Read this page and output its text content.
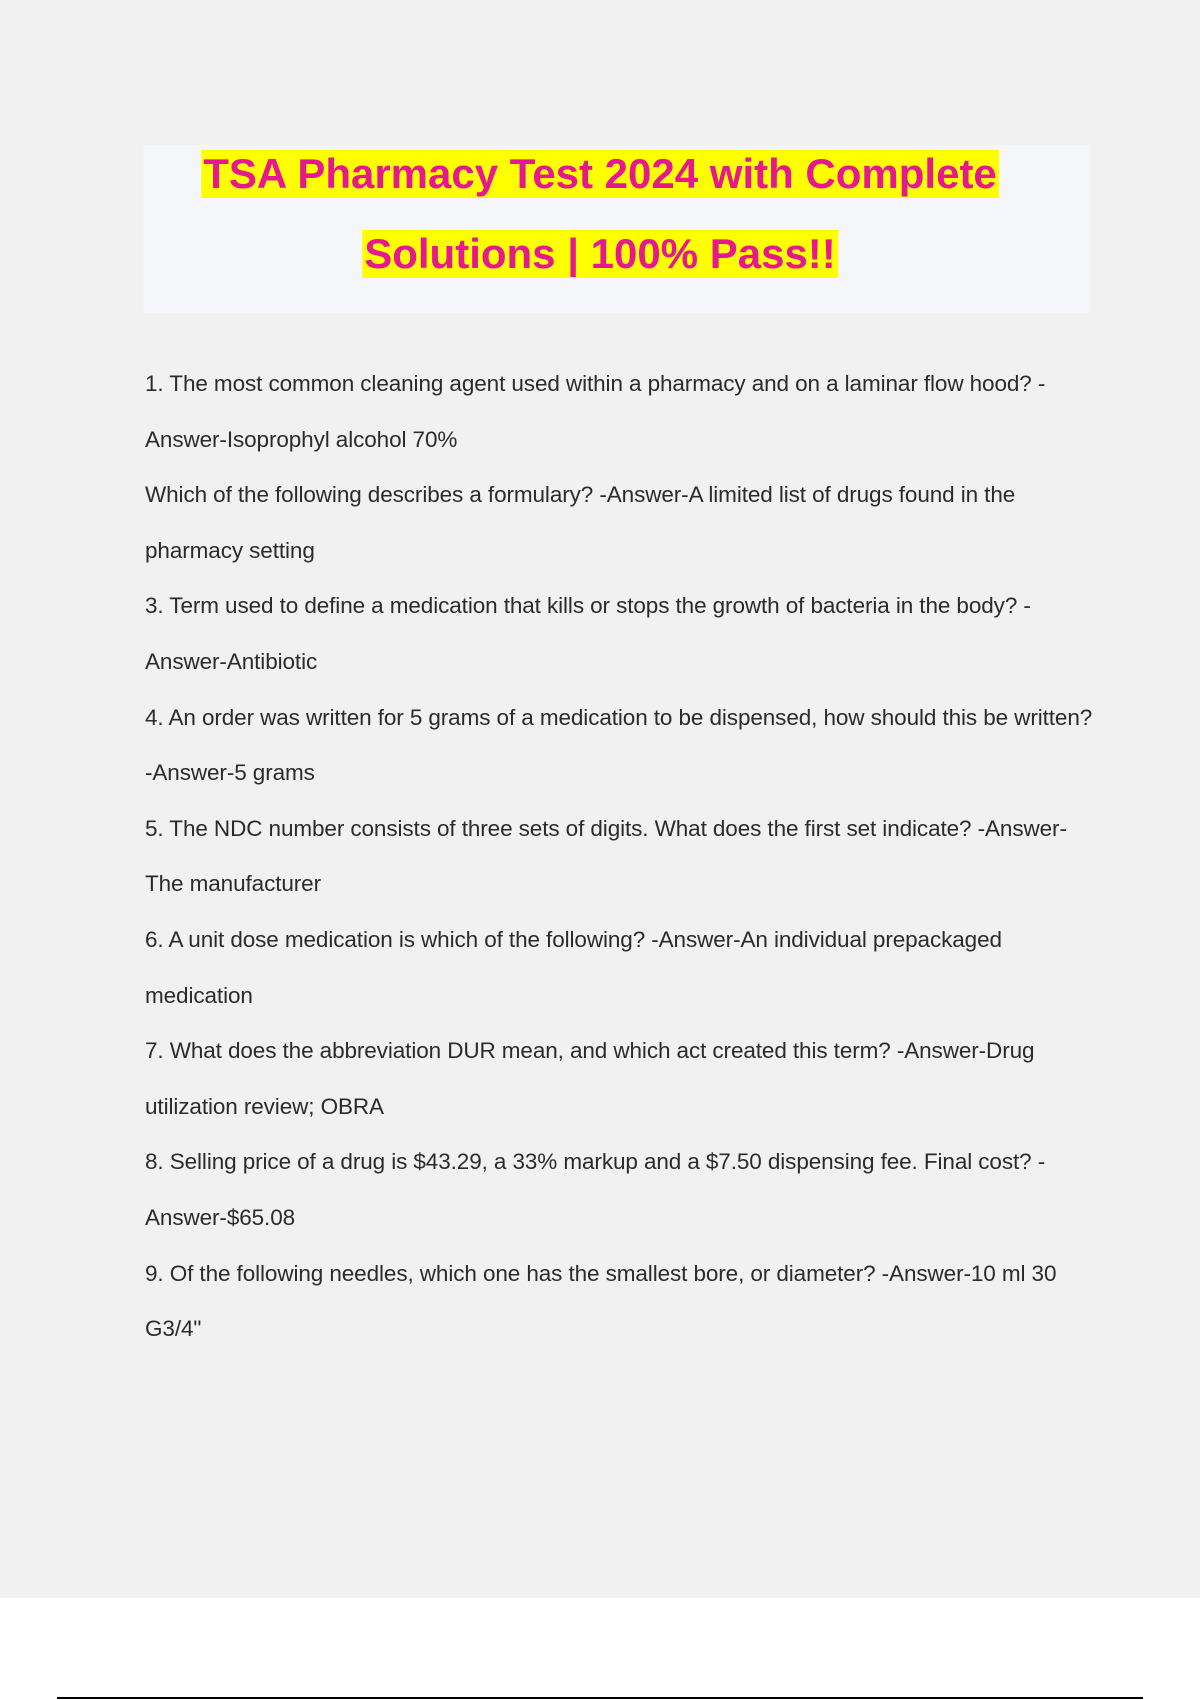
TSA Pharmacy Test 2024 with Complete
Solutions | 100% Pass!!
1. The most common cleaning agent used within a pharmacy and on a laminar flow hood? -Answer-Isoprophyl alcohol 70%
Which of the following describes a formulary? -Answer-A limited list of drugs found in the pharmacy setting
3. Term used to define a medication that kills or stops the growth of bacteria in the body? -Answer-Antibiotic
4. An order was written for 5 grams of a medication to be dispensed, how should this be written? -Answer-5 grams
5. The NDC number consists of three sets of digits. What does the first set indicate? -Answer-The manufacturer
6. A unit dose medication is which of the following? -Answer-An individual prepackaged medication
7. What does the abbreviation DUR mean, and which act created this term? -Answer-Drug utilization review; OBRA
8. Selling price of a drug is $43.29, a 33% markup and a $7.50 dispensing fee. Final cost? -Answer-$65.08
9. Of the following needles, which one has the smallest bore, or diameter? -Answer-10 ml 30 G3/4"
